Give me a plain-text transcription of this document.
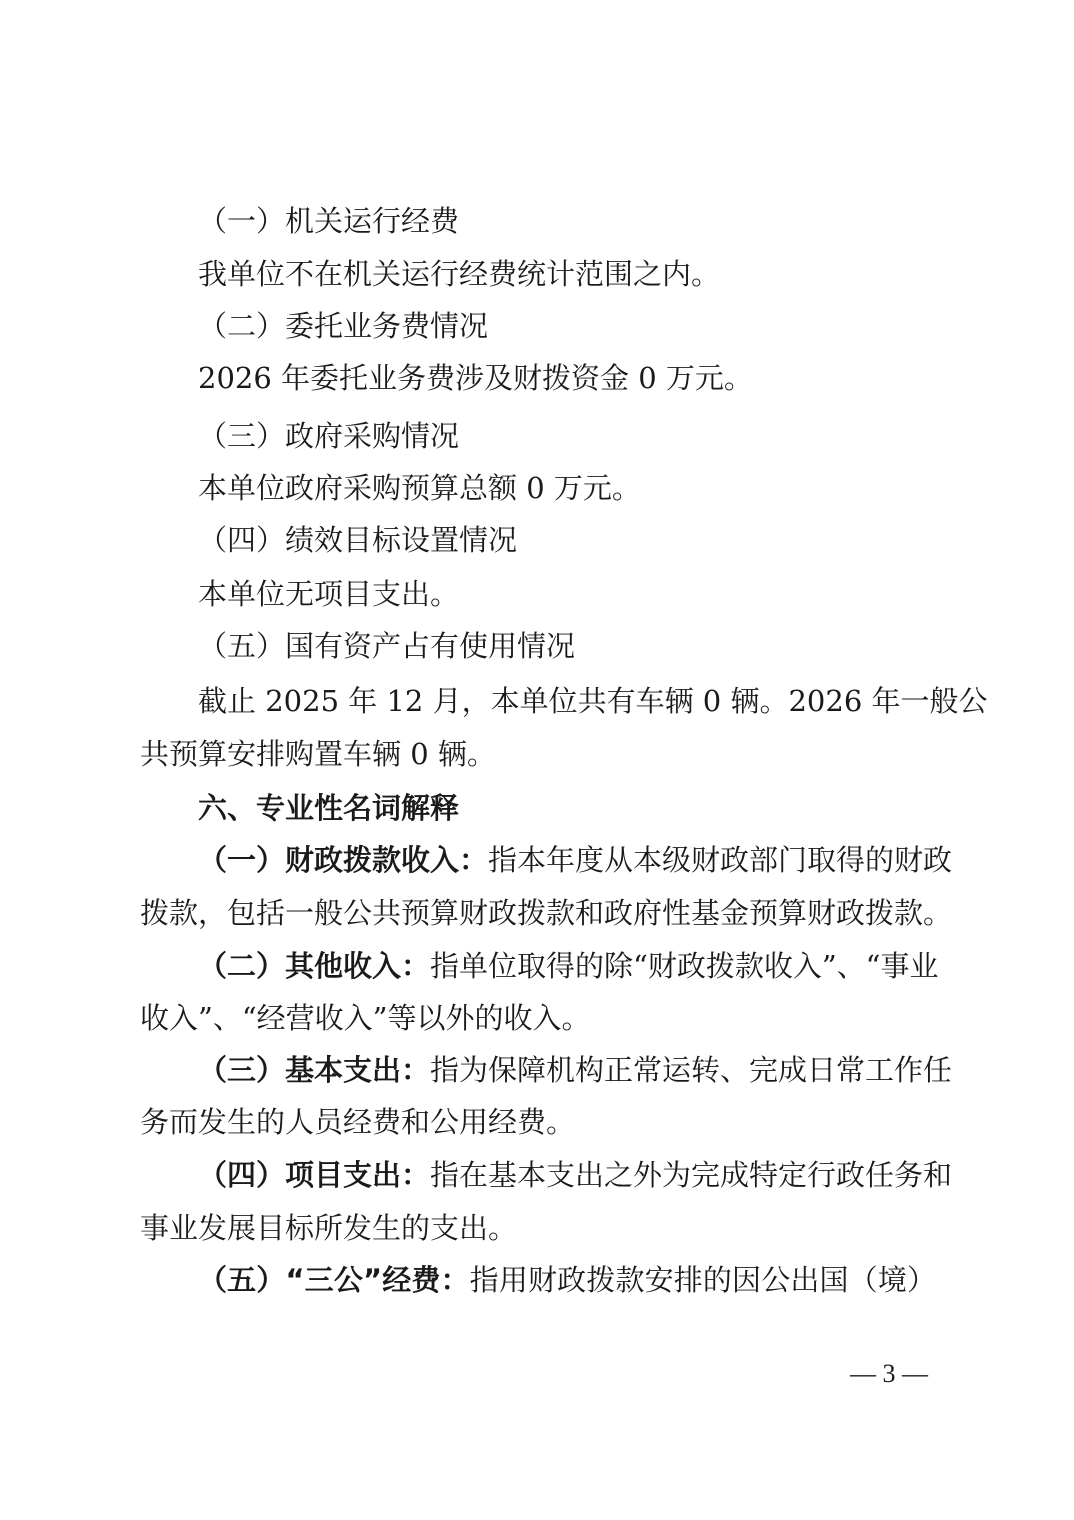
（一）机关运行经费
我单位不在机关运行经费统计范围之内。
（二）委托业务费情况
2026 年委托业务费涉及财拨资金 0 万元。
（三）政府采购情况
本单位政府采购预算总额 0 万元。
（四）绩效目标设置情况
本单位无项目支出。
（五）国有资产占有使用情况
截止 2025 年 12 月，本单位共有车辆 0 辆。2026 年一般公
共预算安排购置车辆 0 辆。
六、专业性名词解释
（一）财政拨款收入：指本年度从本级财政部门取得的财政
拨款，包括一般公共预算财政拨款和政府性基金预算财政拨款。
（二）其他收入：指单位取得的除“财政拨款收入”、“事业
收入”、“经营收入”等以外的收入。
（三）基本支出：指为保障机构正常运转、完成日常工作任
务而发生的人员经费和公用经费。
（四）项目支出：指在基本支出之外为完成特定行政任务和
事业发展目标所发生的支出。
（五）“三公”经费：指用财政拨款安排的因公出国（境）
— 3 —
